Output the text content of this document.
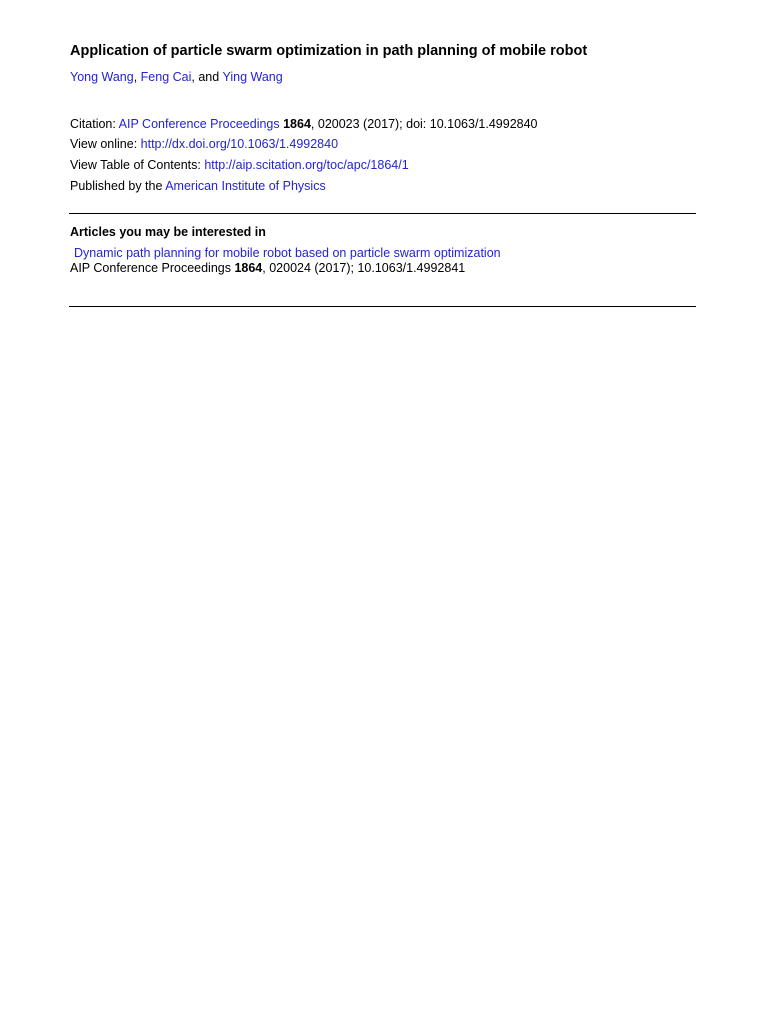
Application of particle swarm optimization in path planning of mobile robot
Yong Wang, Feng Cai, and Ying Wang
Citation: AIP Conference Proceedings 1864, 020023 (2017); doi: 10.1063/1.4992840
View online: http://dx.doi.org/10.1063/1.4992840
View Table of Contents: http://aip.scitation.org/toc/apc/1864/1
Published by the American Institute of Physics
Articles you may be interested in
Dynamic path planning for mobile robot based on particle swarm optimization
AIP Conference Proceedings 1864, 020024 (2017); 10.1063/1.4992841
